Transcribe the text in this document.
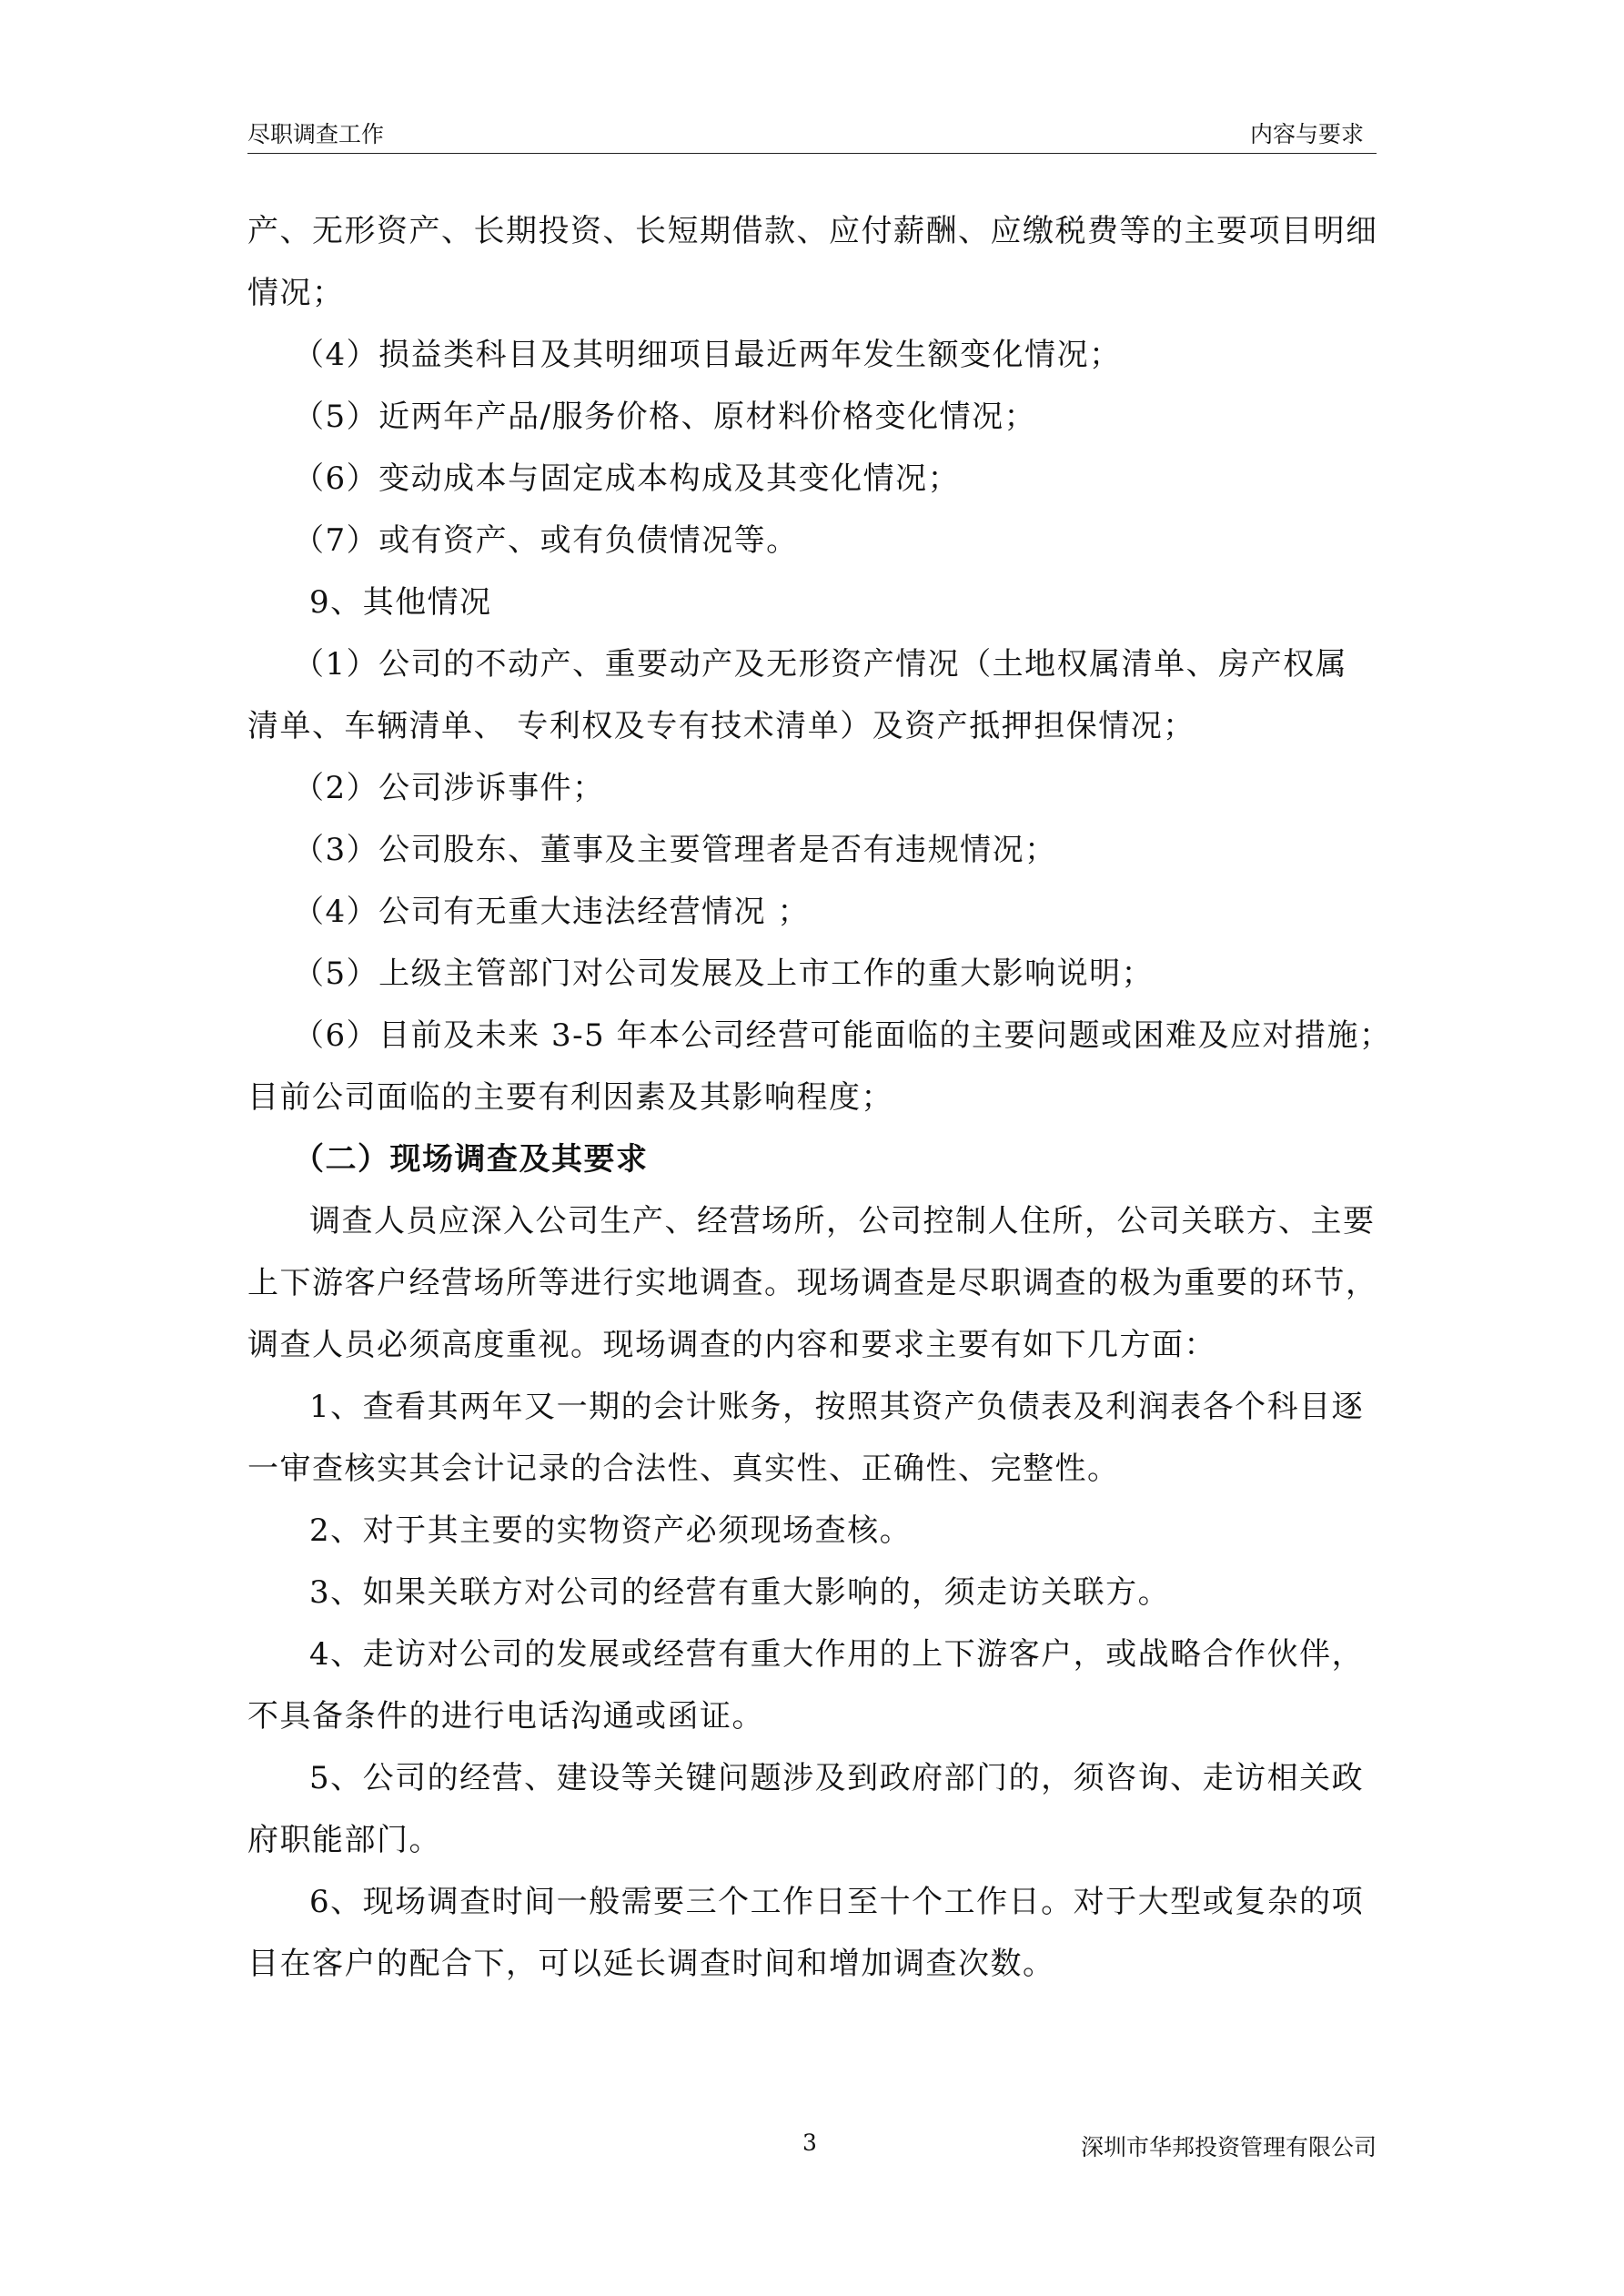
尽职调查工作	内容与要求
产、无形资产、长期投资、长短期借款、应付薪酬、应缴税费等的主要项目明细
情况；
（4）损益类科目及其明细项目最近两年发生额变化情况；
（5）近两年产品/服务价格、原材料价格变化情况；
（6）变动成本与固定成本构成及其变化情况；
（7）或有资产、或有负债情况等。
9、其他情况
（1）公司的不动产、重要动产及无形资产情况（土地权属清单、房产权属
清单、车辆清单、 专利权及专有技术清单）及资产抵押担保情况；
（2）公司涉诉事件；
（3）公司股东、董事及主要管理者是否有违规情况；
（4）公司有无重大违法经营情况 ；
（5）上级主管部门对公司发展及上市工作的重大影响说明；
（6）目前及未来 3-5 年本公司经营可能面临的主要问题或困难及应对措施；
目前公司面临的主要有利因素及其影响程度；
（二）现场调查及其要求
调查人员应深入公司生产、经营场所，公司控制人住所，公司关联方、主要
上下游客户经营场所等进行实地调查。现场调查是尽职调查的极为重要的环节，
调查人员必须高度重视。现场调查的内容和要求主要有如下几方面：
1、查看其两年又一期的会计账务，按照其资产负债表及利润表各个科目逐
一审查核实其会计记录的合法性、真实性、正确性、完整性。
2、对于其主要的实物资产必须现场查核。
3、如果关联方对公司的经营有重大影响的，须走访关联方。
4、走访对公司的发展或经营有重大作用的上下游客户，或战略合作伙伴，
不具备条件的进行电话沟通或函证。
5、公司的经营、建设等关键问题涉及到政府部门的，须咨询、走访相关政
府职能部门。
6、现场调查时间一般需要三个工作日至十个工作日。对于大型或复杂的项
目在客户的配合下，可以延长调查时间和增加调查次数。
3	深圳市华邦投资管理有限公司
